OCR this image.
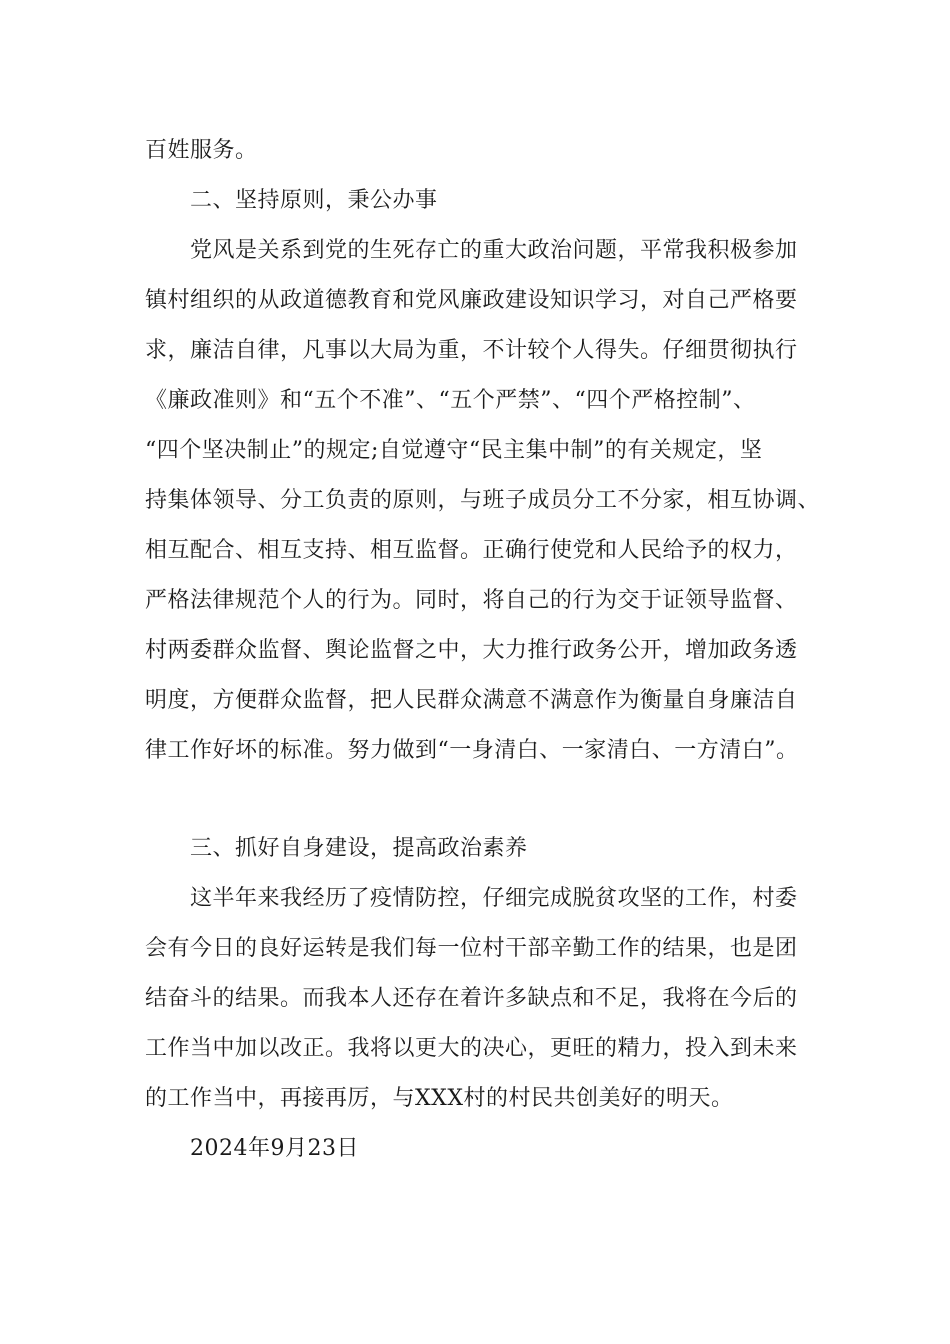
百姓服务。
二、坚持原则，秉公办事
党风是关系到党的生死存亡的重大政治问题，平常我积极参加
镇村组织的从政道德教育和党风廉政建设知识学习，对自己严格要
求，廉洁自律，凡事以大局为重，不计较个人得失。仔细贯彻执行
《廉政准则》和“五个不准”、“五个严禁”、“四个严格控制”、
“四个坚决制止”的规定;自觉遵守“民主集中制”的有关规定，坚
持集体领导、分工负责的原则，与班子成员分工不分家，相互协调、
相互配合、相互支持、相互监督。正确行使党和人民给予的权力，
严格法律规范个人的行为。同时，将自己的行为交于证领导监督、
村两委群众监督、舆论监督之中，大力推行政务公开，增加政务透
明度，方便群众监督，把人民群众满意不满意作为衡量自身廉洁自
律工作好坏的标准。努力做到“一身清白、一家清白、一方清白”。
三、抓好自身建设，提高政治素养
这半年来我经历了疫情防控，仔细完成脱贫攻坚的工作，村委
会有今日的良好运转是我们每一位村干部辛勤工作的结果，也是团
结奋斗的结果。而我本人还存在着许多缺点和不足，我将在今后的
工作当中加以改正。我将以更大的决心，更旺的精力，投入到未来
的工作当中，再接再厉，与XXX村的村民共创美好的明天。
2024年9月23日
